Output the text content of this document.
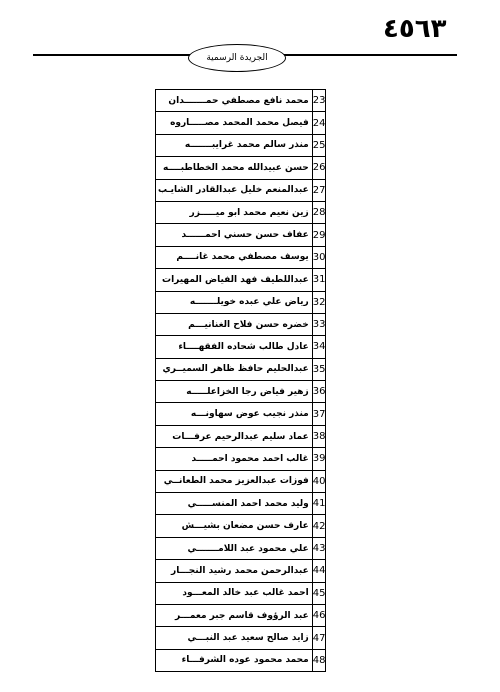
٤٥٦٣
الجريدة الرسمية
23	محمد نافع مصطفي حمـــــــدان
24	فيصل محمد المحمد مصـــــاروه
25	منذر سالم محمد غرايبـــــــه
26	حسن عبيدالله محمد الخطاطبــــه
27	عبدالمنعم خليل عبدالقادر الشايـب
28	زين نعيم محمد ابو ميـــــزر
29	عفاف حسن حسني احمــــــد
30	يوسف مصطفي محمد غانــــم
31	عبداللطيف فهد الفياض المهيرات
32	رياض علي عبده خويلـــــــه
33	خضره حسن فلاح الغنانيـــم
34	عادل طالب شحاده الفقهــــاء
35	عبدالحليم حافظ ظاهر السميــري
36	زهير فياض رجا الخزاعلـــــه
37	منذر نجيب عوض سهاونـــه
38	عماد سليم عبدالرحيم عرفـــات
39	غالب احمد محمود احمـــــد
40	فوزات عبدالعزيز محمد الطعانــي
41	وليد محمد احمد المنســـــي
42	عارف حسن مضعان بشيـــش
43	علي محمود عبد اللامـــــــي
44	عبدالرحمن محمد رشيد النجـــار
45	احمد غالب عبد خالد المعـــود
46	عبد الرؤوف قاسم جبر معمـــر
47	زايد صالح سعيد عبد النبـــي
48	محمد محمود عوده الشرفـــاء
